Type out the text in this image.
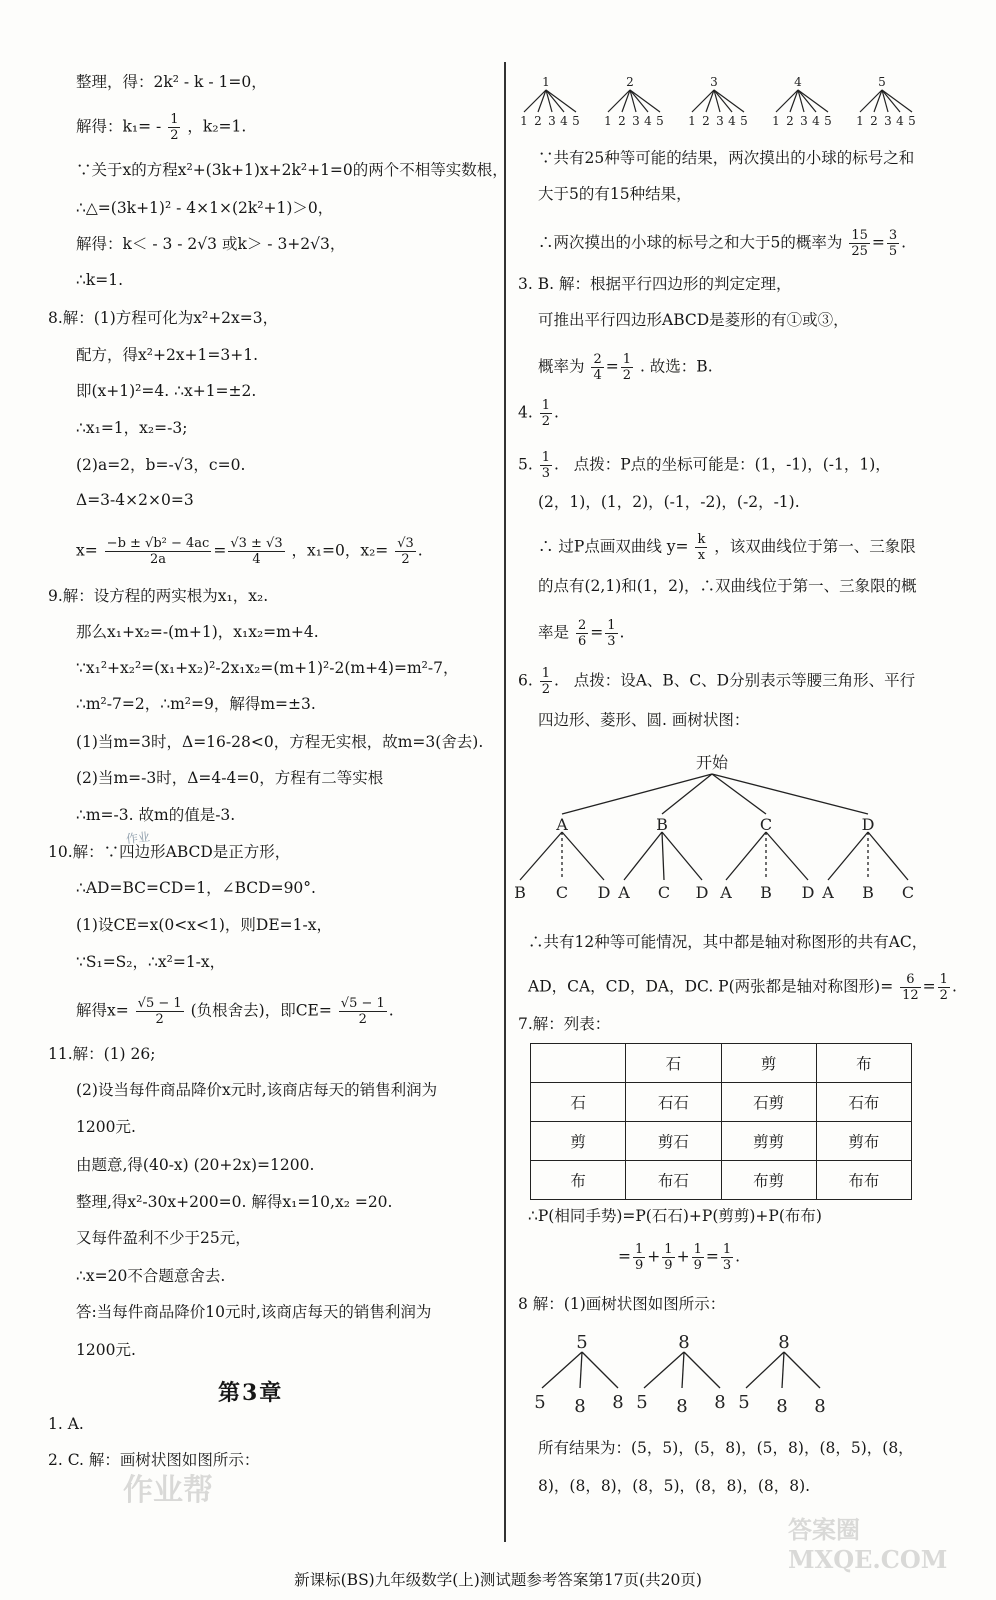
整理，得：2k² - k - 1=0，
解得：$k_1= - \frac{1}{2}$ ，k₂=1.
∵关于x的方程x²+(3k+1)x+2k²+1=0的两个不相等实数根，
∴△=(3k+1)² - 4×1×(2k²+1)＞0，
解得：k＜ - 3 - 2√3 或k＞ - 3+2√3，
∴k=1.
8.解：(1)方程可化为x²+2x=3，
配方，得x²+2x+1=3+1.
即(x+1)²=4. ∴x+1=±2.
∴x₁=1，x₂=-3;
(2)a=2，b=-√3，c=0.
Δ=3-4×2×0=3
$x= \frac{\text{−b ± √b² − 4ac}}{2a} = \frac{√3 \pm √3}{4}$ ，x₁=0，$x_2= \frac{√3}{2}$ .
9.解：设方程的两实根为x₁，x₂.
那么x₁+x₂=-(m+1)，x₁x₂=m+4.
∵x₁²+x₂²=(x₁+x₂)²-2x₁x₂=(m+1)²-2(m+4)=m²-7，
∴m²-7=2，∴m²=9，解得m=±3.
(1)当m=3时，Δ=16-28<0，方程无实根，故m=3(舍去).
(2)当m=-3时，Δ=4-4=0，方程有二等实根
∴m=-3. 故m的值是-3.
作业
10.解：∵四边形ABCD是正方形，
∴AD=BC=CD=1，∠BCD=90°.
(1)设CE=x(0<x<1)，则DE=1-x，
∵S₁=S₂，∴x²=1-x，
解得$x= \frac{√5 - 1}{2}$ (负根舍去)，即$CE= \frac{√5 - 1}{2}$ .
11.解：(1) 26;
(2)设当每件商品降价x元时,该商店每天的销售利润为
1200元.
由题意,得(40-x) (20+2x)=1200.
整理,得x²-30x+200=0. 解得x₁=10,x₂ =20.
又每件盈利不少于25元，
∴x=20不合题意舍去.
答:当每件商品降价10元时,该商店每天的销售利润为
1200元.
第3章
1. A.
2. C. 解：画树状图如图所示：
作业帮
1	2	3	4	5
1 2 3 4 5 1 2 3 4 5 1 2 3 4 5 1 2 3 4 5 1 2 3 4 5
∵共有25种等可能的结果，两次摸出的小球的标号之和
大于5的有15种结果，
∴两次摸出的小球的标号之和大于5的概率为 $\frac{15}{25} = \frac{3}{5}$ .
3. B. 解：根据平行四边形的判定定理，
可推出平行四边形ABCD是菱形的有①或③，
概率为 $\frac{2}{4} = \frac{1}{2}$ . 故选：B.
4. $\frac{1}{2}$ .
5. $\frac{1}{3}$ .   点拨：P点的坐标可能是：(1，-1)，(-1，1)，
(2，1)，(1，2)，(-1，-2)，(-2，-1).
∴ 过P点画双曲线 $y= \frac{k}{x}$ ，该双曲线位于第一、三象限
的点有(2,1)和(1，2)，∴双曲线位于第一、三象限的概
率是 $\frac{2}{6} = \frac{1}{3}$ .
6. $\frac{1}{2}$ .   点拨：设A、B、C、D分别表示等腰三角形、平行
四边形、菱形、圆. 画树状图：
开始
A	B	C	D
B C D A C D A B D A B C
∴共有12种等可能情况，其中都是轴对称图形的共有AC，
AD，CA，CD，DA，DC. P(两张都是轴对称图形)= $\frac{6}{12} = \frac{1}{2}$ .
7.解：列表：
	石	剪	布
石	石石	石剪	石布
剪	剪石	剪剪	剪布
布	布石	布剪	布布
∴P(相同手势)=P(石石)+P(剪剪)+P(布布)
= $\frac{1}{9} + \frac{1}{9} + \frac{1}{9} = \frac{1}{3}$ .
8 解：(1)画树状图如图所示：
5	8	8
5 8 8 5 8 8 5 8 8
所有结果为：(5，5)，(5，8)，(5，8)，(8，5)，(8，
8)，(8，8)，(8，5)，(8，8)，(8，8).
答案圈 MXQE.COM
新课标(BS)九年级数学(上)测试题参考答案第17页(共20页)
